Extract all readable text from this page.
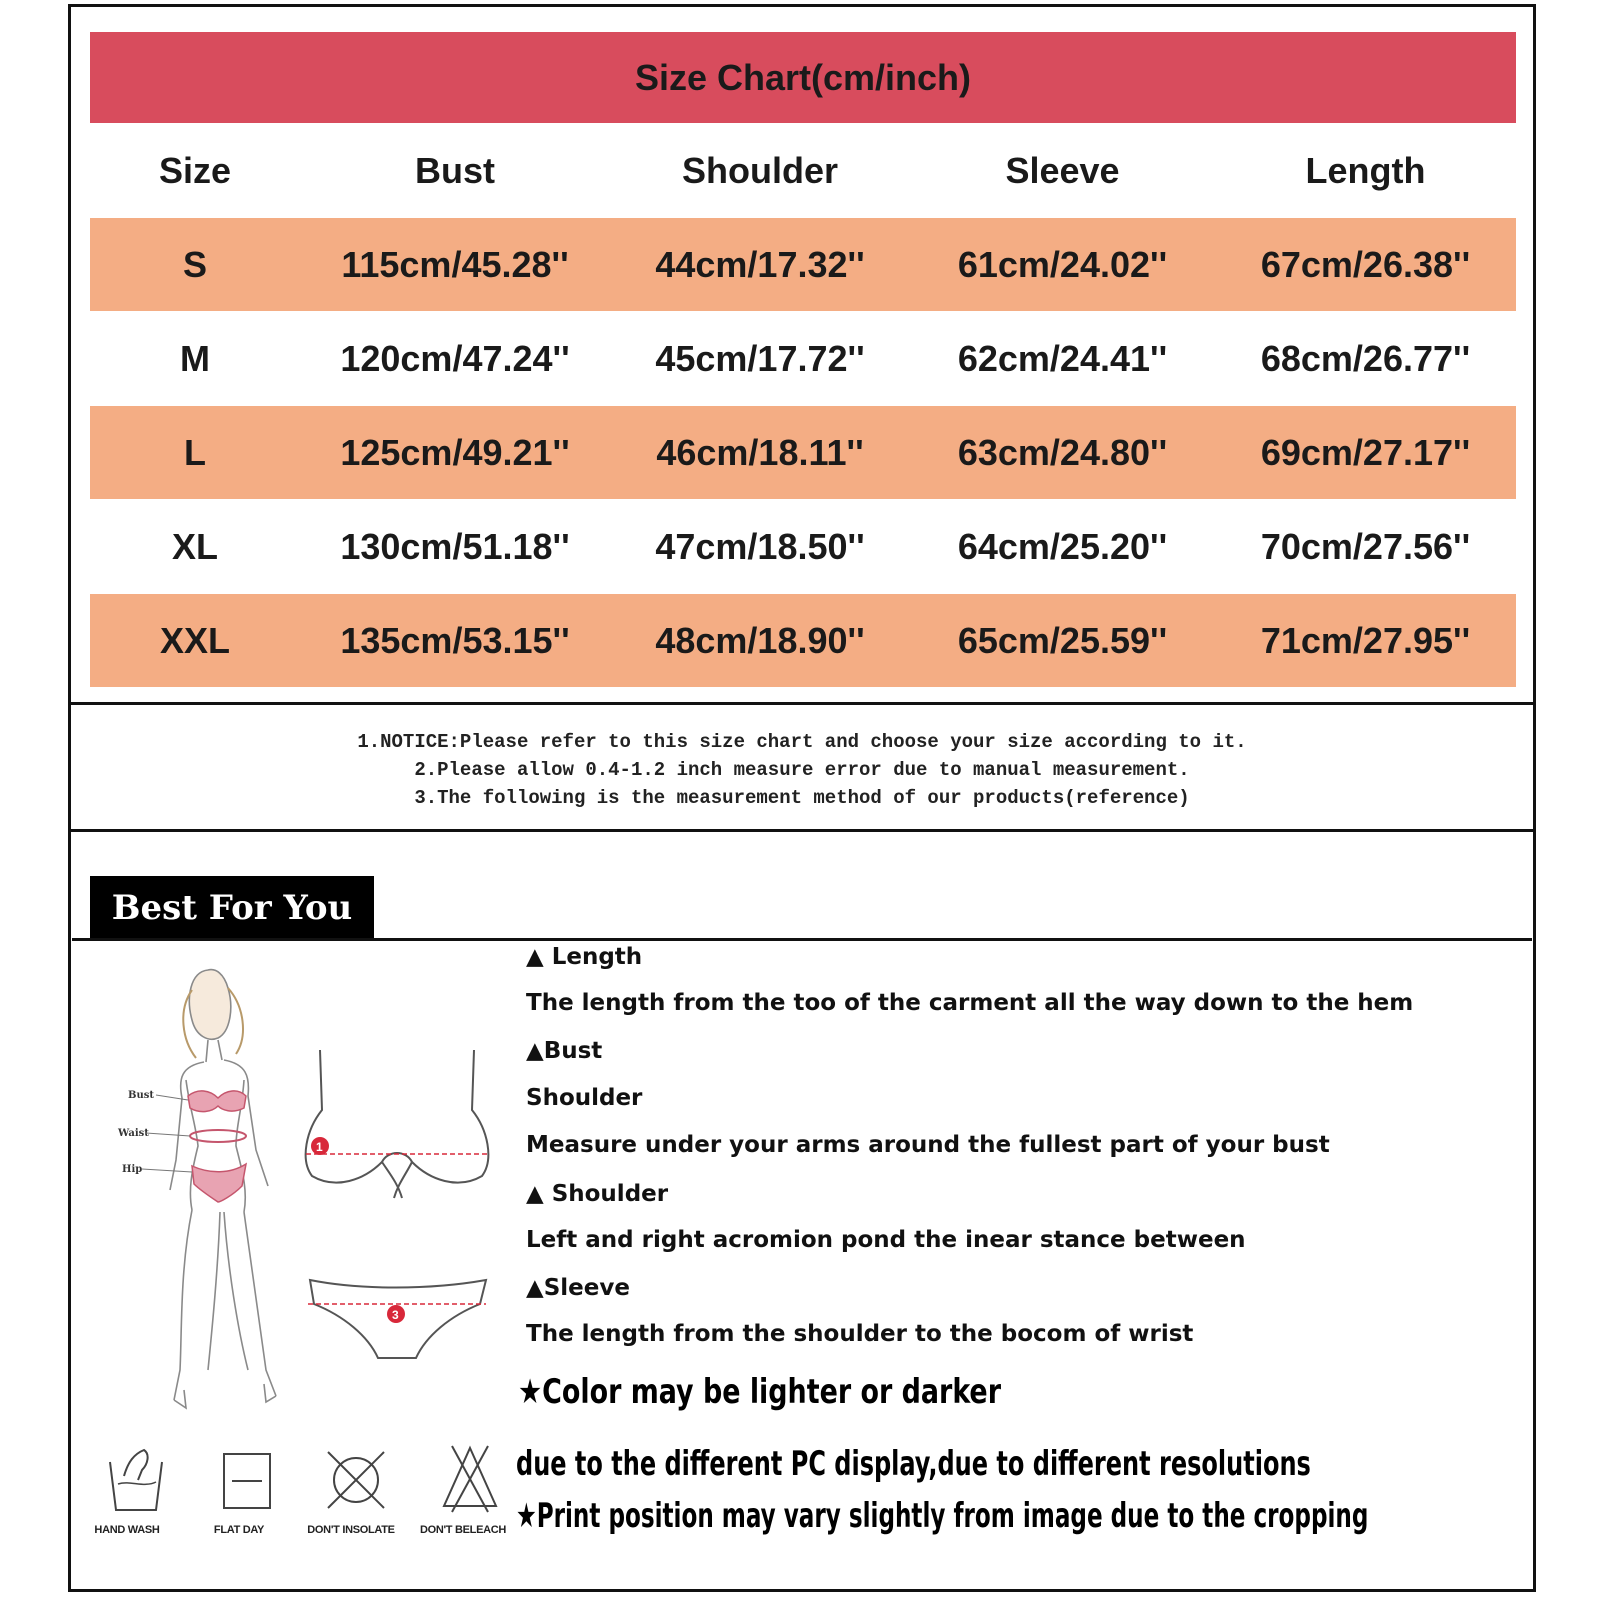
Size Chart(cm/inch)
Size	Bust	Shoulder	Sleeve	Length
S	115cm/45.28''	44cm/17.32''	61cm/24.02''	67cm/26.38''
M	120cm/47.24''	45cm/17.72''	62cm/24.41''	68cm/26.77''
L	125cm/49.21''	46cm/18.11''	63cm/24.80''	69cm/27.17''
XL	130cm/51.18''	47cm/18.50''	64cm/25.20''	70cm/27.56''
XXL	135cm/53.15''	48cm/18.90''	65cm/25.59''	71cm/27.95''
1.NOTICE:Please refer to this size chart and choose your size according to it.
2.Please allow 0.4-1.2 inch measure error due to manual measurement.
3.The following is the measurement method of our products(reference)
Best For You
Bust
Waist
Hip
1
3
▲ Length
The length from the too of the carment all the way down to the hem
▲Bust
Shoulder
Measure under your arms around the fullest part of your bust
▲ Shoulder
Left and right acromion pond the inear stance between
▲Sleeve
The length from the shoulder to the bocom of wrist
★Color may be lighter or darker
due to the different PC display,due to different resolutions
★Print position may vary slightly from image due to the cropping
HAND WASH	FLAT DAY	DON'T INSOLATE	DON'T BELEACH
